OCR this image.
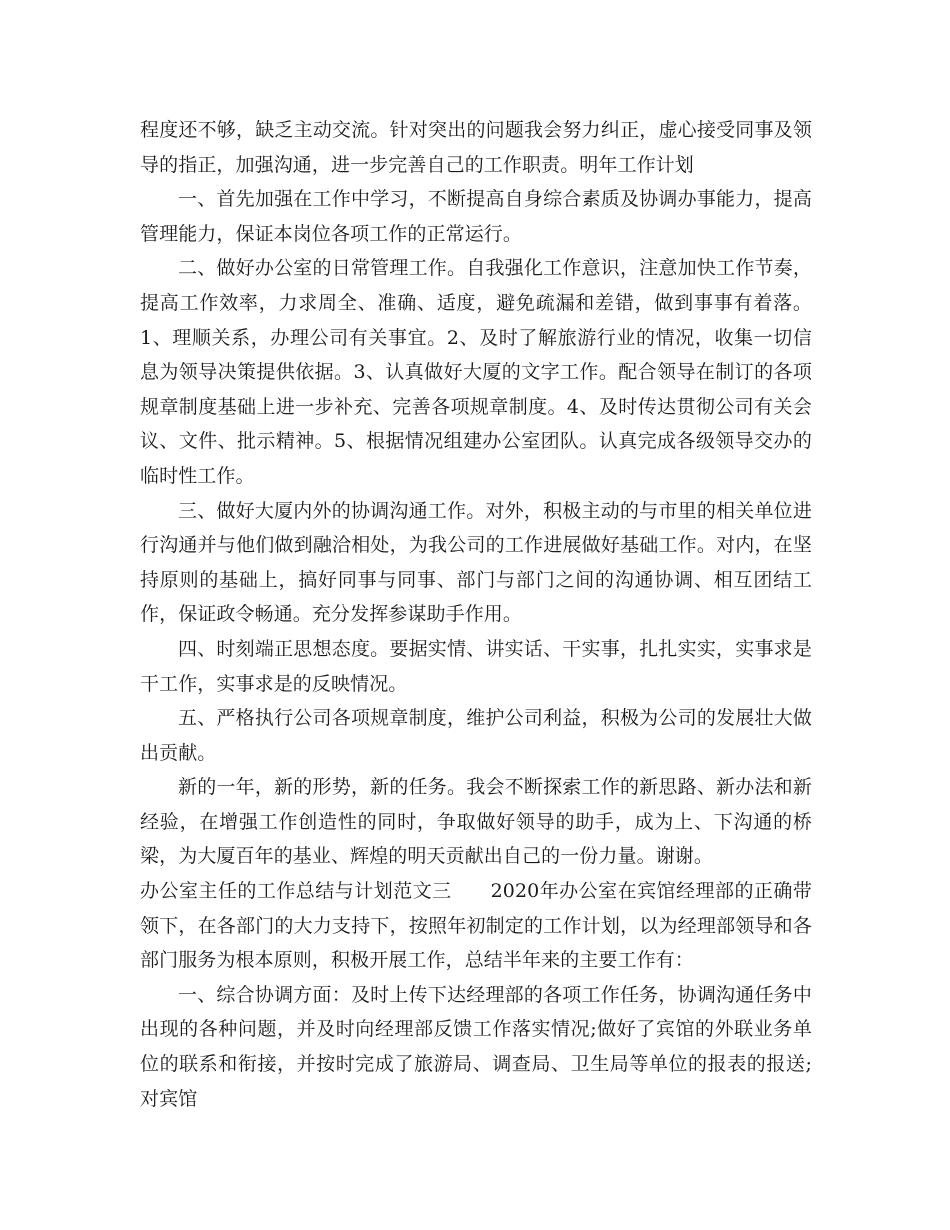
程度还不够，缺乏主动交流。针对突出的问题我会努力纠正，虚心接受同事及领导的指正，加强沟通，进一步完善自己的工作职责。明年工作计划

一、首先加强在工作中学习，不断提高自身综合素质及协调办事能力，提高管理能力，保证本岗位各项工作的正常运行。

二、做好办公室的日常管理工作。自我强化工作意识，注意加快工作节奏，提高工作效率，力求周全、准确、适度，避免疏漏和差错，做到事事有着落。1、理顺关系，办理公司有关事宜。2、及时了解旅游行业的情况，收集一切信息为领导决策提供依据。3、认真做好大厦的文字工作。配合领导在制订的各项规章制度基础上进一步补充、完善各项规章制度。4、及时传达贯彻公司有关会议、文件、批示精神。5、根据情况组建办公室团队。认真完成各级领导交办的临时性工作。

三、做好大厦内外的协调沟通工作。对外，积极主动的与市里的相关单位进行沟通并与他们做到融洽相处，为我公司的工作进展做好基础工作。对内，在坚持原则的基础上，搞好同事与同事、部门与部门之间的沟通协调、相互团结工作，保证政令畅通。充分发挥参谋助手作用。

四、时刻端正思想态度。要据实情、讲实话、干实事，扎扎实实，实事求是干工作，实事求是的反映情况。

五、严格执行公司各项规章制度，维护公司利益，积极为公司的发展壮大做出贡献。

新的一年，新的形势，新的任务。我会不断探索工作的新思路、新办法和新经验，在增强工作创造性的同时，争取做好领导的助手，成为上、下沟通的桥梁，为大厦百年的基业、辉煌的明天贡献出自己的一份力量。谢谢。

办公室主任的工作总结与计划范文三　　2020年办公室在宾馆经理部的正确带领下，在各部门的大力支持下，按照年初制定的工作计划，以为经理部领导和各部门服务为根本原则，积极开展工作，总结半年来的主要工作有：

一、综合协调方面：及时上传下达经理部的各项工作任务，协调沟通任务中出现的各种问题，并及时向经理部反馈工作落实情况;做好了宾馆的外联业务单位的联系和衔接，并按时完成了旅游局、调查局、卫生局等单位的报表的报送;对宾馆
